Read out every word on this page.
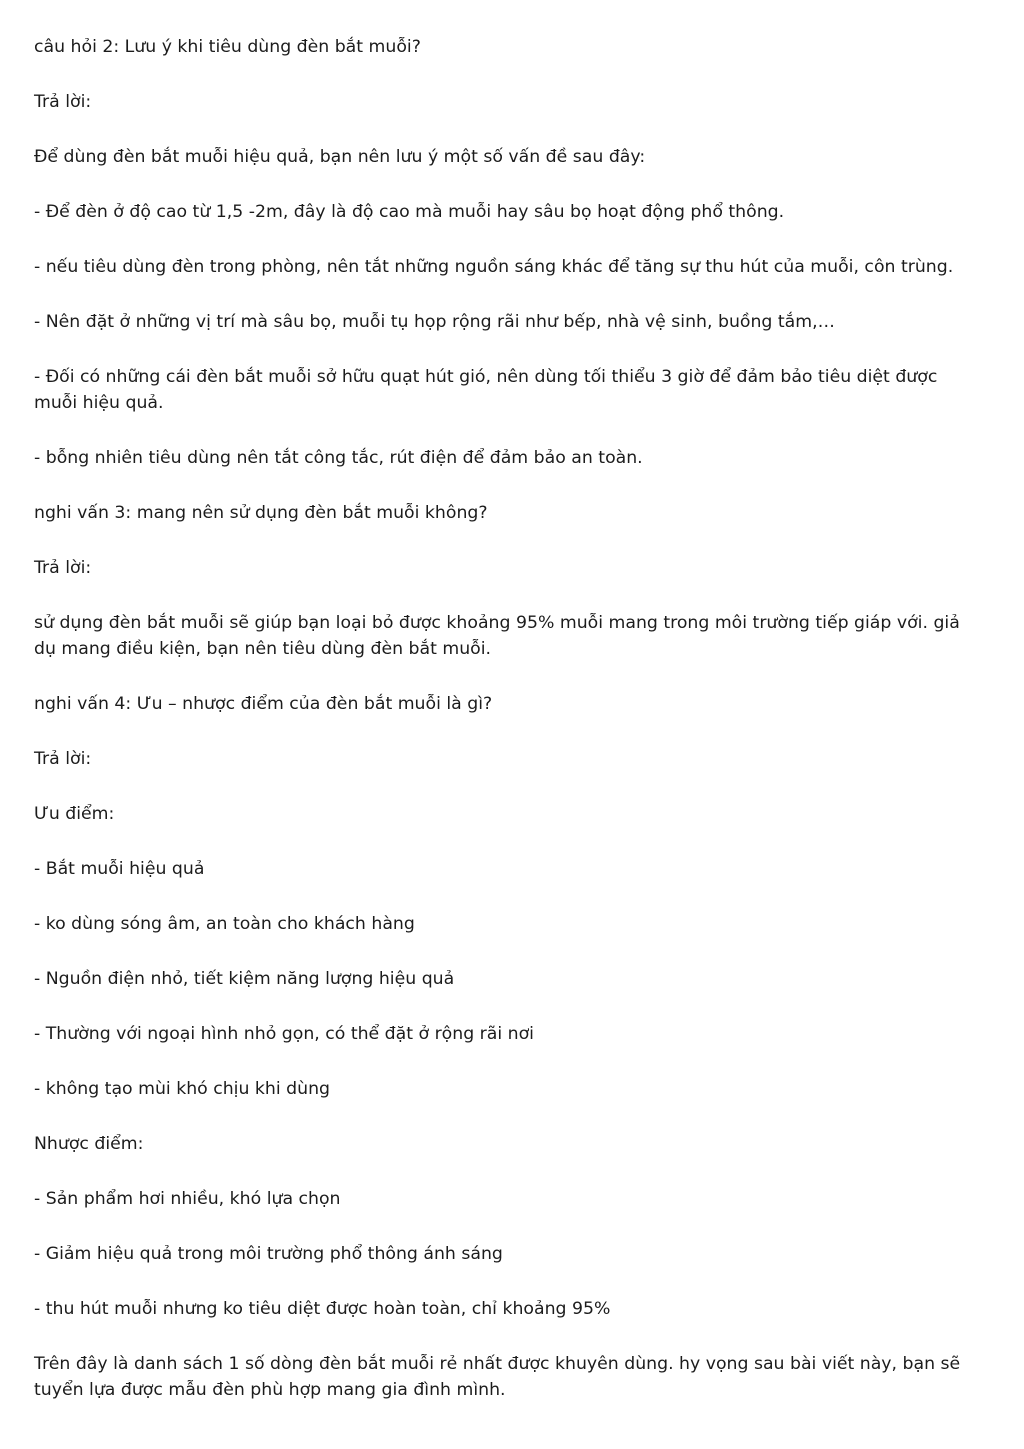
câu hỏi 2: Lưu ý khi tiêu dùng đèn bắt muỗi?

Trả lời:

Để dùng đèn bắt muỗi hiệu quả, bạn nên lưu ý một số vấn đề sau đây:

- Để đèn ở độ cao từ 1,5 -2m, đây là độ cao mà muỗi hay sâu bọ hoạt động phổ thông.

- nếu tiêu dùng đèn trong phòng, nên tắt những nguồn sáng khác để tăng sự thu hút của muỗi, côn trùng.

- Nên đặt ở những vị trí mà sâu bọ, muỗi tụ họp rộng rãi như bếp, nhà vệ sinh, buồng tắm,…

- Đối có những cái đèn bắt muỗi sở hữu quạt hút gió, nên dùng tối thiểu 3 giờ để đảm bảo tiêu diệt được muỗi hiệu quả.

- bỗng nhiên tiêu dùng nên tắt công tắc, rút điện để đảm bảo an toàn.

nghi vấn 3: mang nên sử dụng đèn bắt muỗi không?

Trả lời:

sử dụng đèn bắt muỗi sẽ giúp bạn loại bỏ được khoảng 95% muỗi mang trong môi trường tiếp giáp với. giả dụ mang điều kiện, bạn nên tiêu dùng đèn bắt muỗi.

nghi vấn 4: Ưu – nhược điểm của đèn bắt muỗi là gì?

Trả lời:

Ưu điểm:

- Bắt muỗi hiệu quả

- ko dùng sóng âm, an toàn cho khách hàng

- Nguồn điện nhỏ, tiết kiệm năng lượng hiệu quả

- Thường với ngoại hình nhỏ gọn, có thể đặt ở rộng rãi nơi

- không tạo mùi khó chịu khi dùng

Nhược điểm:

- Sản phẩm hơi nhiều, khó lựa chọn

- Giảm hiệu quả trong môi trường phổ thông ánh sáng

- thu hút muỗi nhưng ko tiêu diệt được hoàn toàn, chỉ khoảng 95%

Trên đây là danh sách 1 số dòng đèn bắt muỗi rẻ nhất được khuyên dùng. hy vọng sau bài viết này, bạn sẽ tuyển lựa được mẫu đèn phù hợp mang gia đình mình.
